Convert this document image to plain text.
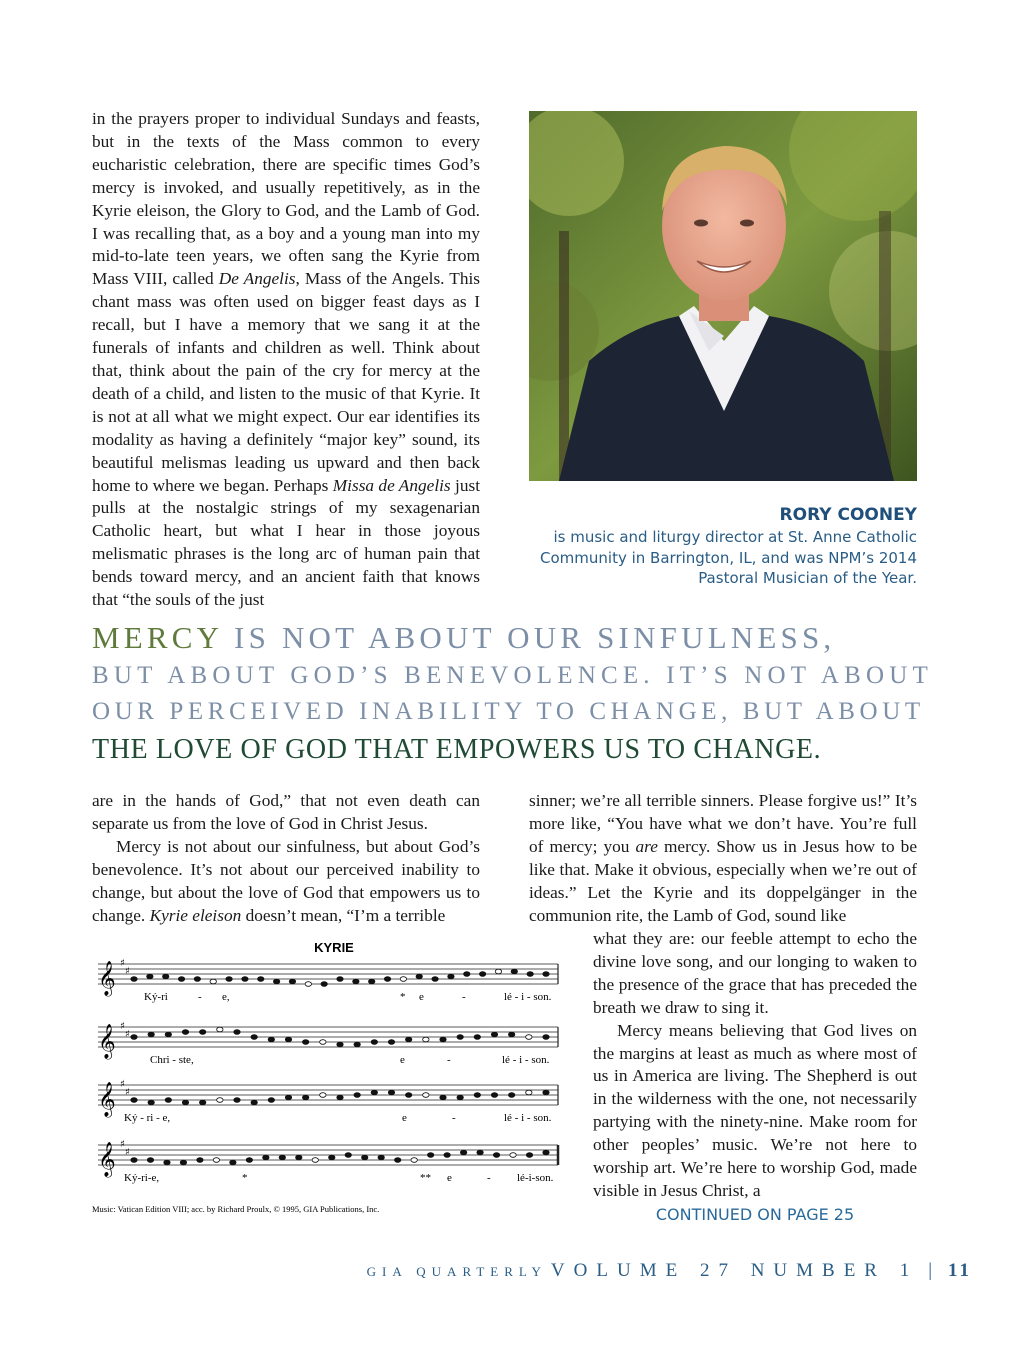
in the prayers proper to individual Sundays and feasts, but in the texts of the Mass common to every eucharistic celebration, there are specific times God’s mercy is invoked, and usually repetitively, as in the Kyrie eleison, the Glory to God, and the Lamb of God. I was recalling that, as a boy and a young man into my mid-to-late teen years, we often sang the Kyrie from Mass VIII, called De Angelis, Mass of the Angels. This chant mass was often used on bigger feast days as I recall, but I have a memory that we sang it at the funerals of infants and children as well. Think about that, think about the pain of the cry for mercy at the death of a child, and listen to the music of that Kyrie. It is not at all what we might expect. Our ear identifies its modality as having a definitely “major key” sound, its beautiful melismas leading us upward and then back home to where we began. Perhaps Missa de Angelis just pulls at the nostalgic strings of my sexagenarian Catholic heart, but what I hear in those joyous melismatic phrases is the long arc of human pain that bends toward mercy, and an ancient faith that knows that “the souls of the just

RORY COONEY
is music and liturgy director at St. Anne Catholic Community in Barrington, IL, and was NPM’s 2014 Pastoral Musician of the Year.
MERCY IS NOT ABOUT OUR SINFULNESS,
BUT ABOUT GOD’S BENEVOLENCE. IT’S NOT ABOUT
OUR PERCEIVED INABILITY TO CHANGE, BUT ABOUT
THE LOVE OF GOD THAT EMPOWERS US TO CHANGE.

are in the hands of God,” that not even death can separate us from the love of God in Christ Jesus.

Mercy is not about our sinfulness, but about God’s benevolence. It’s not about our perceived inability to change, but about the love of God that empowers us to change. Kyrie eleison doesn’t mean, “I’m a terrible

sinner; we’re all terrible sinners. Please forgive us!” It’s more like, “You have what we don’t have. You’re full of mercy; you are mercy. Show us in Jesus how to be like that. Make it obvious, especially when we’re out of ideas.” Let the Kyrie and its doppelgänger in the communion rite, the Lamb of God, sound like

what they are: our feeble attempt to echo the divine love song, and our longing to waken to the presence of the grace that has preceded the breath we draw to sing it.

Mercy means believing that God lives on the margins at least as much as where most of us in America are living. The Shepherd is out in the wilderness with the one, not necessarily partying with the ninety-nine. Make room for other peoples’ music. We’re not here to worship art. We’re here to worship God, made visible in Jesus Christ, a

CONTINUED ON PAGE 25
KYRIE
𝄞 ♯
♯
Ký-ri	- e,	* e	-	lé - i - son.
𝄞 ♯
♯
Chri - ste,	e	-	lé - i - son.
𝄞 ♯
♯
Ký - ri - e,	e	-	lé - i - son.
𝄞 ♯
♯
Ký-ri-e,	*	** e	- lé-i-son.
Music: Vatican Edition VIII; acc. by Richard Proulx, © 1995, GIA Publications, Inc.
GIA QUARTERLY VOLUME 27 NUMBER 1 | 11
